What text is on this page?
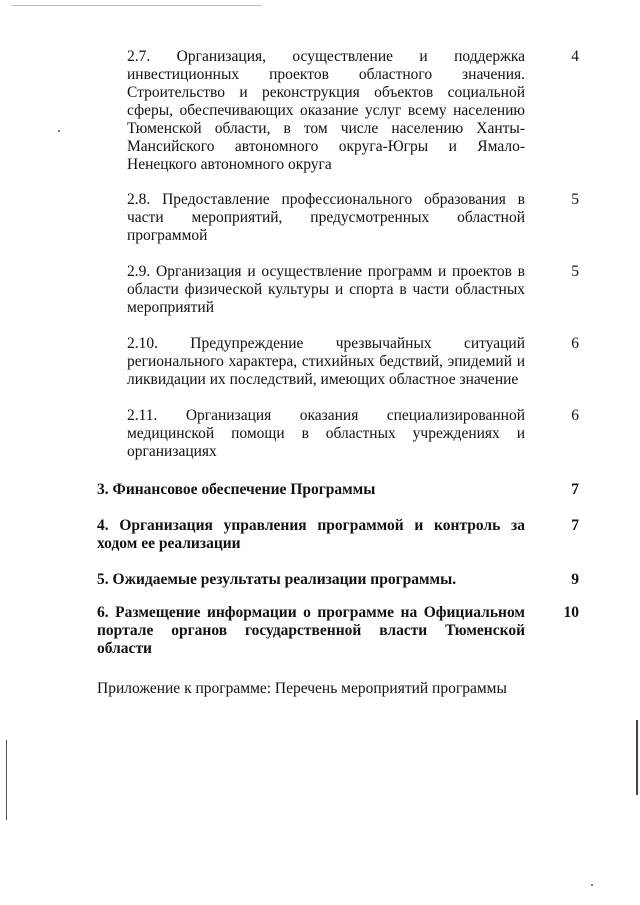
2.7. Организация, осуществление и поддержка инвестиционных проектов областного значения. Строительство и реконструкция объектов социальной сферы, обеспечивающих оказание услуг всему населению Тюменской области, в том числе населению Ханты-Мансийского автономного округа-Югры и Ямало-Ненецкого автономного округа
4
2.8. Предоставление профессионального образования в части мероприятий, предусмотренных областной программой
5
2.9. Организация и осуществление программ и проектов в области физической культуры и спорта в части областных мероприятий
5
2.10. Предупреждение чрезвычайных ситуаций регионального характера, стихийных бедствий, эпидемий и ликвидации их последствий, имеющих областное значение
6
2.11. Организация оказания специализированной медицинской помощи в областных учреждениях и организациях
6
3. Финансовое обеспечение Программы	7
4. Организация управления программой и контроль за ходом ее реализации
7
5. Ожидаемые результаты реализации программы.	9
6. Размещение информации о программе на Официальном портале органов государственной власти Тюменской области
10
Приложение к программе: Перечень мероприятий программы
